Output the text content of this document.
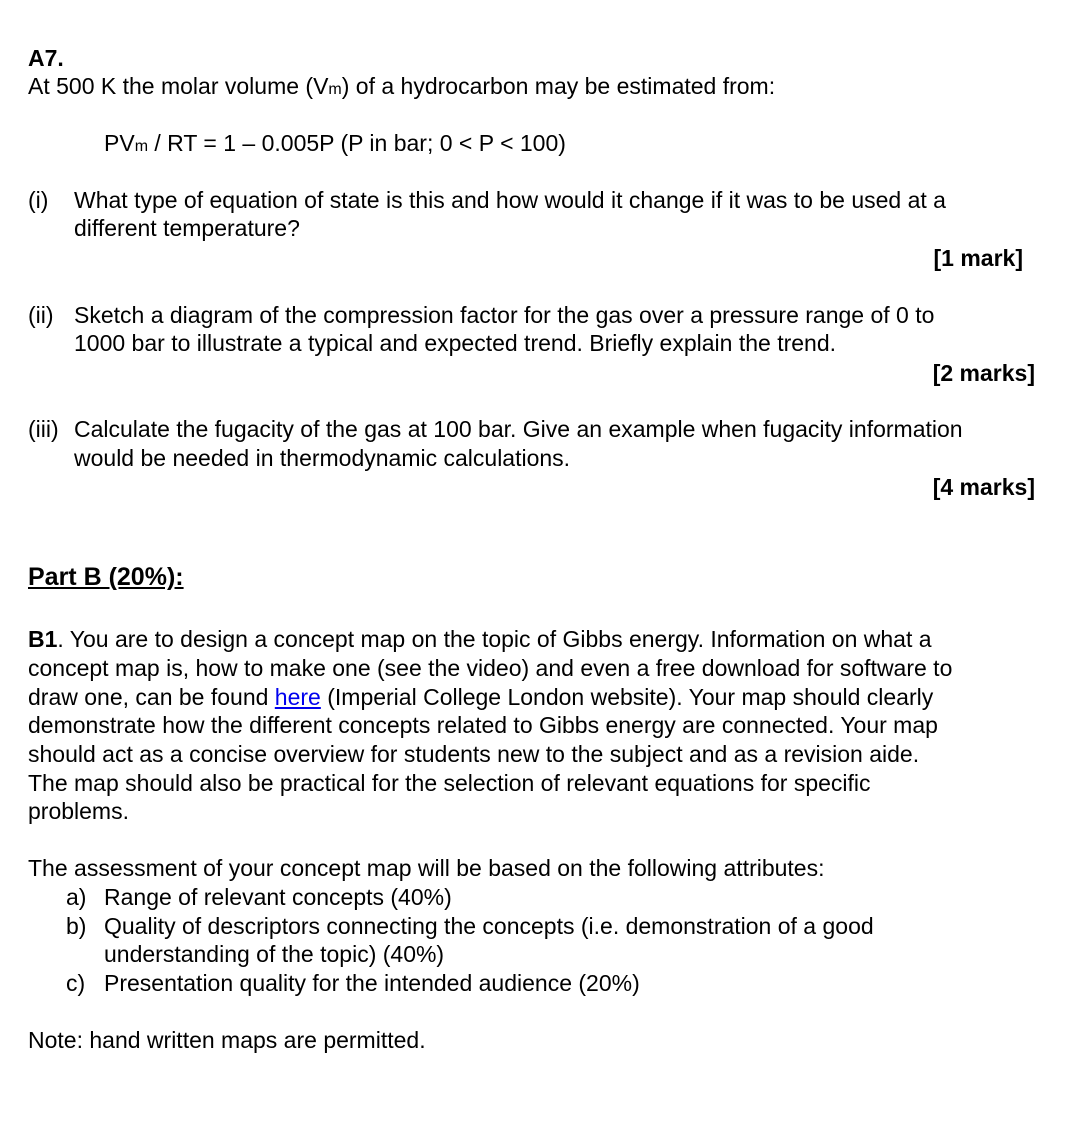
A7.
At 500 K the molar volume (Vm) of a hydrocarbon may be estimated from:
PVm / RT = 1 – 0.005P (P in bar; 0 < P < 100)
(i) What type of equation of state is this and how would it change if it was to be used at a
different temperature?
[1 mark]
(ii) Sketch a diagram of the compression factor for the gas over a pressure range of 0 to
1000 bar to illustrate a typical and expected trend. Briefly explain the trend.
[2 marks]
(iii) Calculate the fugacity of the gas at 100 bar. Give an example when fugacity information
would be needed in thermodynamic calculations.
[4 marks]
Part B (20%):
B1. You are to design a concept map on the topic of Gibbs energy. Information on what a
concept map is, how to make one (see the video) and even a free download for software to
draw one, can be found here (Imperial College London website). Your map should clearly
demonstrate how the different concepts related to Gibbs energy are connected. Your map
should act as a concise overview for students new to the subject and as a revision aide.
The map should also be practical for the selection of relevant equations for specific
problems.
The assessment of your concept map will be based on the following attributes:
a) Range of relevant concepts (40%)
b) Quality of descriptors connecting the concepts (i.e. demonstration of a good
understanding of the topic) (40%)
c) Presentation quality for the intended audience (20%)
Note: hand written maps are permitted.
